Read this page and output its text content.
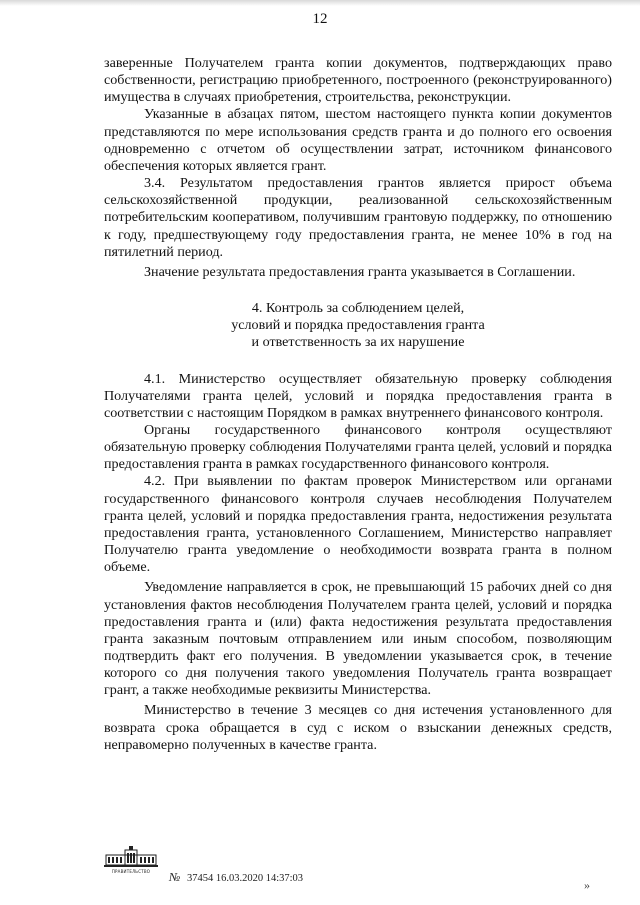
12

заверенные Получателем гранта копии документов, подтверждающих право собственности, регистрацию приобретенного, построенного (реконструированного) имущества в случаях приобретения, строительства, реконструкции.

Указанные в абзацах пятом, шестом настоящего пункта копии документов представляются по мере использования средств гранта и до полного его освоения одновременно с отчетом об осуществлении затрат, источником финансового обеспечения которых является грант.

3.4. Результатом предоставления грантов является прирост объема сельскохозяйственной продукции, реализованной сельскохозяйственным потребительским кооперативом, получившим грантовую поддержку, по отношению к году, предшествующему году предоставления гранта, не менее 10% в год на пятилетний период.

Значение результата предоставления гранта указывается в Соглашении.

4. Контроль за соблюдением целей,
условий и порядка предоставления гранта
и ответственность за их нарушение

4.1. Министерство осуществляет обязательную проверку соблюдения Получателями гранта целей, условий и порядка предоставления гранта в соответствии с настоящим Порядком в рамках внутреннего финансового контроля.

Органы государственного финансового контроля осуществляют обязательную проверку соблюдения Получателями гранта целей, условий и порядка предоставления гранта в рамках государственного финансового контроля.

4.2. При выявлении по фактам проверок Министерством или органами государственного финансового контроля случаев несоблюдения Получателем гранта целей, условий и порядка предоставления гранта, недостижения результата предоставления гранта, установленного Соглашением, Министерство направляет Получателю гранта уведомление о необходимости возврата гранта в полном объеме.

Уведомление направляется в срок, не превышающий 15 рабочих дней со дня установления фактов несоблюдения Получателем гранта целей, условий и порядка предоставления гранта и (или) факта недостижения результата предоставления гранта заказным почтовым отправлением или иным способом, позволяющим подтвердить факт его получения. В уведомлении указывается срок, в течение которого со дня получения такого уведомления Получатель гранта возвращает грант, а также необходимые реквизиты Министерства.

Министерство в течение 3 месяцев со дня истечения установленного для возврата срока обращается в суд с иском о взыскании денежных средств, неправомерно полученных в качестве гранта.

ПРАВИТЕЛЬСТВО	№ 37454 16.03.2020 14:37:03	»
